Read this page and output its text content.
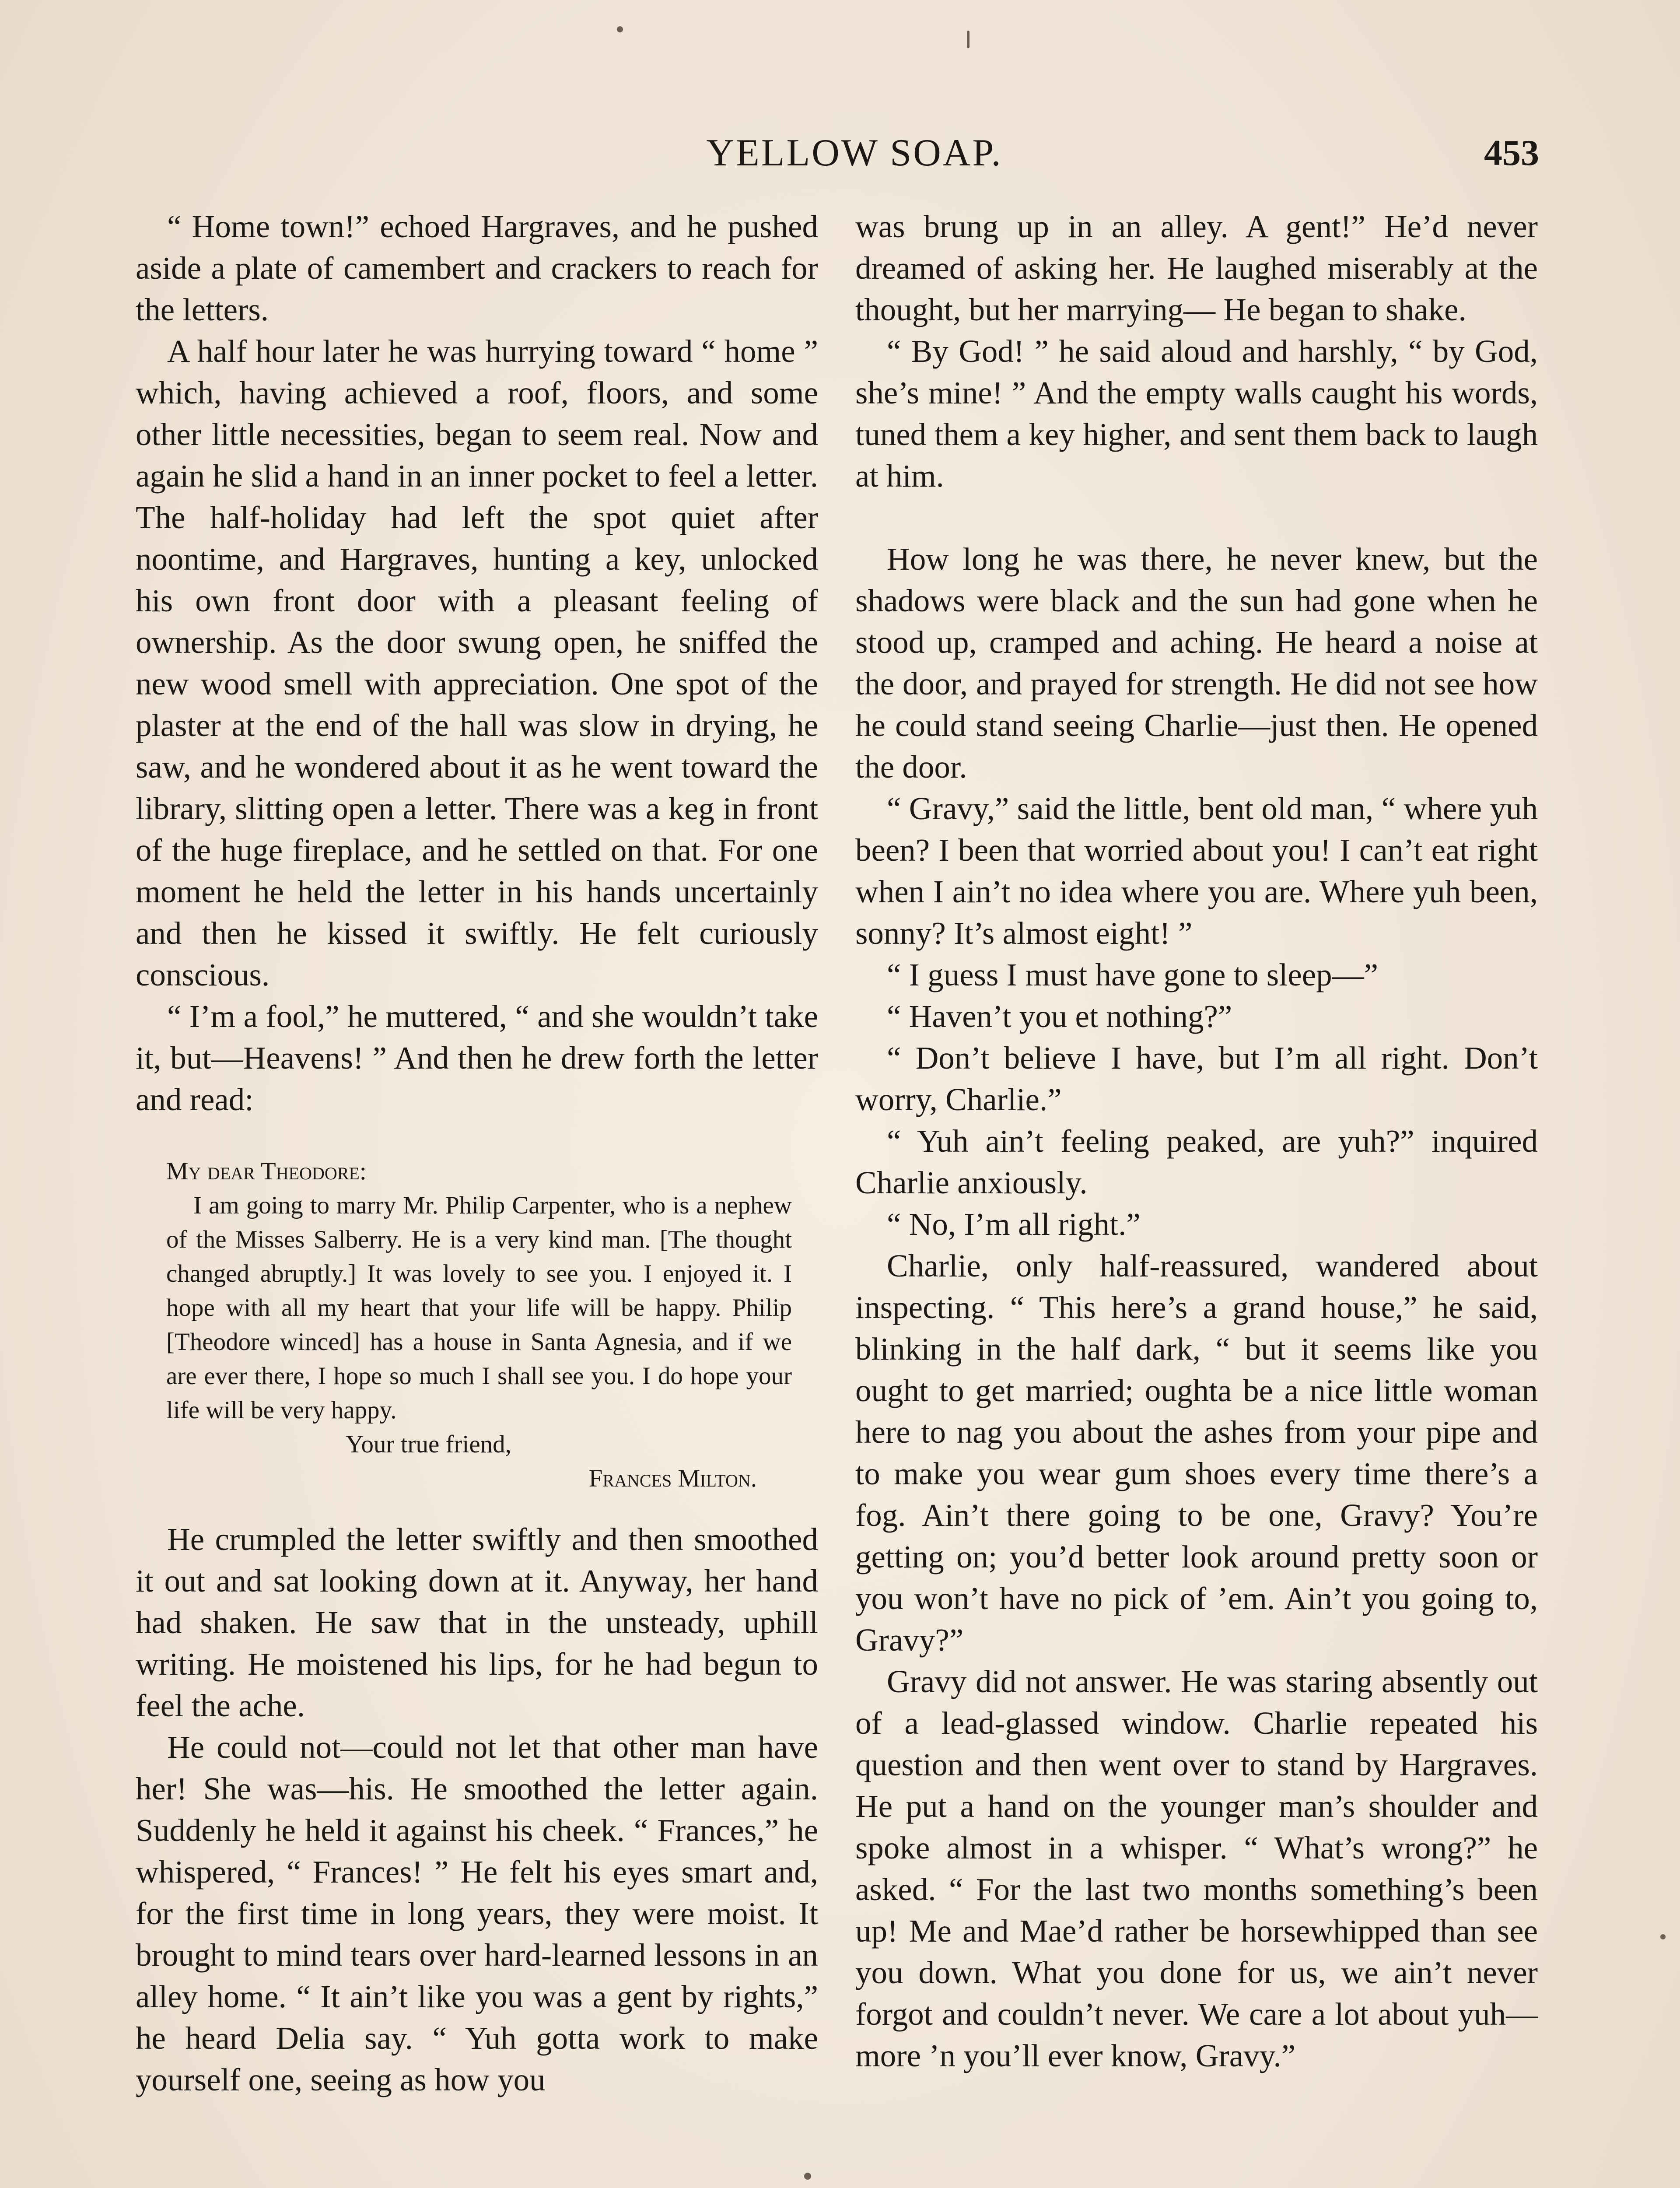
YELLOW SOAP.	453

“ Home town!” echoed Hargraves, and he pushed aside a plate of camembert and crackers to reach for the letters.

A half hour later he was hurrying toward “ home ” which, having achieved a roof, floors, and some other little necessities, began to seem real. Now and again he slid a hand in an inner pocket to feel a letter. The half-holiday had left the spot quiet after noontime, and Hargraves, hunting a key, unlocked his own front door with a pleasant feeling of ownership. As the door swung open, he sniffed the new wood smell with appreciation. One spot of the plaster at the end of the hall was slow in drying, he saw, and he wondered about it as he went toward the library, slitting open a letter. There was a keg in front of the huge fireplace, and he settled on that. For one moment he held the letter in his hands uncertainly and then he kissed it swiftly. He felt curiously conscious.

“ I’m a fool,” he muttered, “ and she wouldn’t take it, but—Heavens! ” And then he drew forth the letter and read:

My dear Theodore:

I am going to marry Mr. Philip Carpenter, who is a nephew of the Misses Salberry. He is a very kind man. [The thought changed abruptly.] It was lovely to see you. I enjoyed it. I hope with all my heart that your life will be happy. Philip [Theodore winced] has a house in Santa Agnesia, and if we are ever there, I hope so much I shall see you. I do hope your life will be very happy.

Your true friend,

Frances Milton.

He crumpled the letter swiftly and then smoothed it out and sat looking down at it. Anyway, her hand had shaken. He saw that in the unsteady, uphill writing. He moistened his lips, for he had begun to feel the ache.

He could not—could not let that other man have her! She was—his. He smoothed the letter again. Suddenly he held it against his cheek. “ Frances,” he whispered, “ Frances! ” He felt his eyes smart and, for the first time in long years, they were moist. It brought to mind tears over hard-learned lessons in an alley home. “ It ain’t like you was a gent by rights,” he heard Delia say. “ Yuh gotta work to make yourself one, seeing as how you

was brung up in an alley. A gent!” He’d never dreamed of asking her. He laughed miserably at the thought, but her marrying— He began to shake.

“ By God! ” he said aloud and harshly, “ by God, she’s mine! ” And the empty walls caught his words, tuned them a key higher, and sent them back to laugh at him.

How long he was there, he never knew, but the shadows were black and the sun had gone when he stood up, cramped and aching. He heard a noise at the door, and prayed for strength. He did not see how he could stand seeing Charlie—just then. He opened the door.

“ Gravy,” said the little, bent old man, “ where yuh been? I been that worried about you! I can’t eat right when I ain’t no idea where you are. Where yuh been, sonny? It’s almost eight! ”

“ I guess I must have gone to sleep—”

“ Haven’t you et nothing?”

“ Don’t believe I have, but I’m all right. Don’t worry, Charlie.”

“ Yuh ain’t feeling peaked, are yuh?” inquired Charlie anxiously.

“ No, I’m all right.”

Charlie, only half-reassured, wandered about inspecting. “ This here’s a grand house,” he said, blinking in the half dark, “ but it seems like you ought to get married; oughta be a nice little woman here to nag you about the ashes from your pipe and to make you wear gum shoes every time there’s a fog. Ain’t there going to be one, Gravy? You’re getting on; you’d better look around pretty soon or you won’t have no pick of ’em. Ain’t you going to, Gravy?”

Gravy did not answer. He was staring absently out of a lead-glassed window. Charlie repeated his question and then went over to stand by Hargraves. He put a hand on the younger man’s shoulder and spoke almost in a whisper. “ What’s wrong?” he asked. “ For the last two months something’s been up! Me and Mae’d rather be horsewhipped than see you down. What you done for us, we ain’t never forgot and couldn’t never. We care a lot about yuh—more ’n you’ll ever know, Gravy.”
